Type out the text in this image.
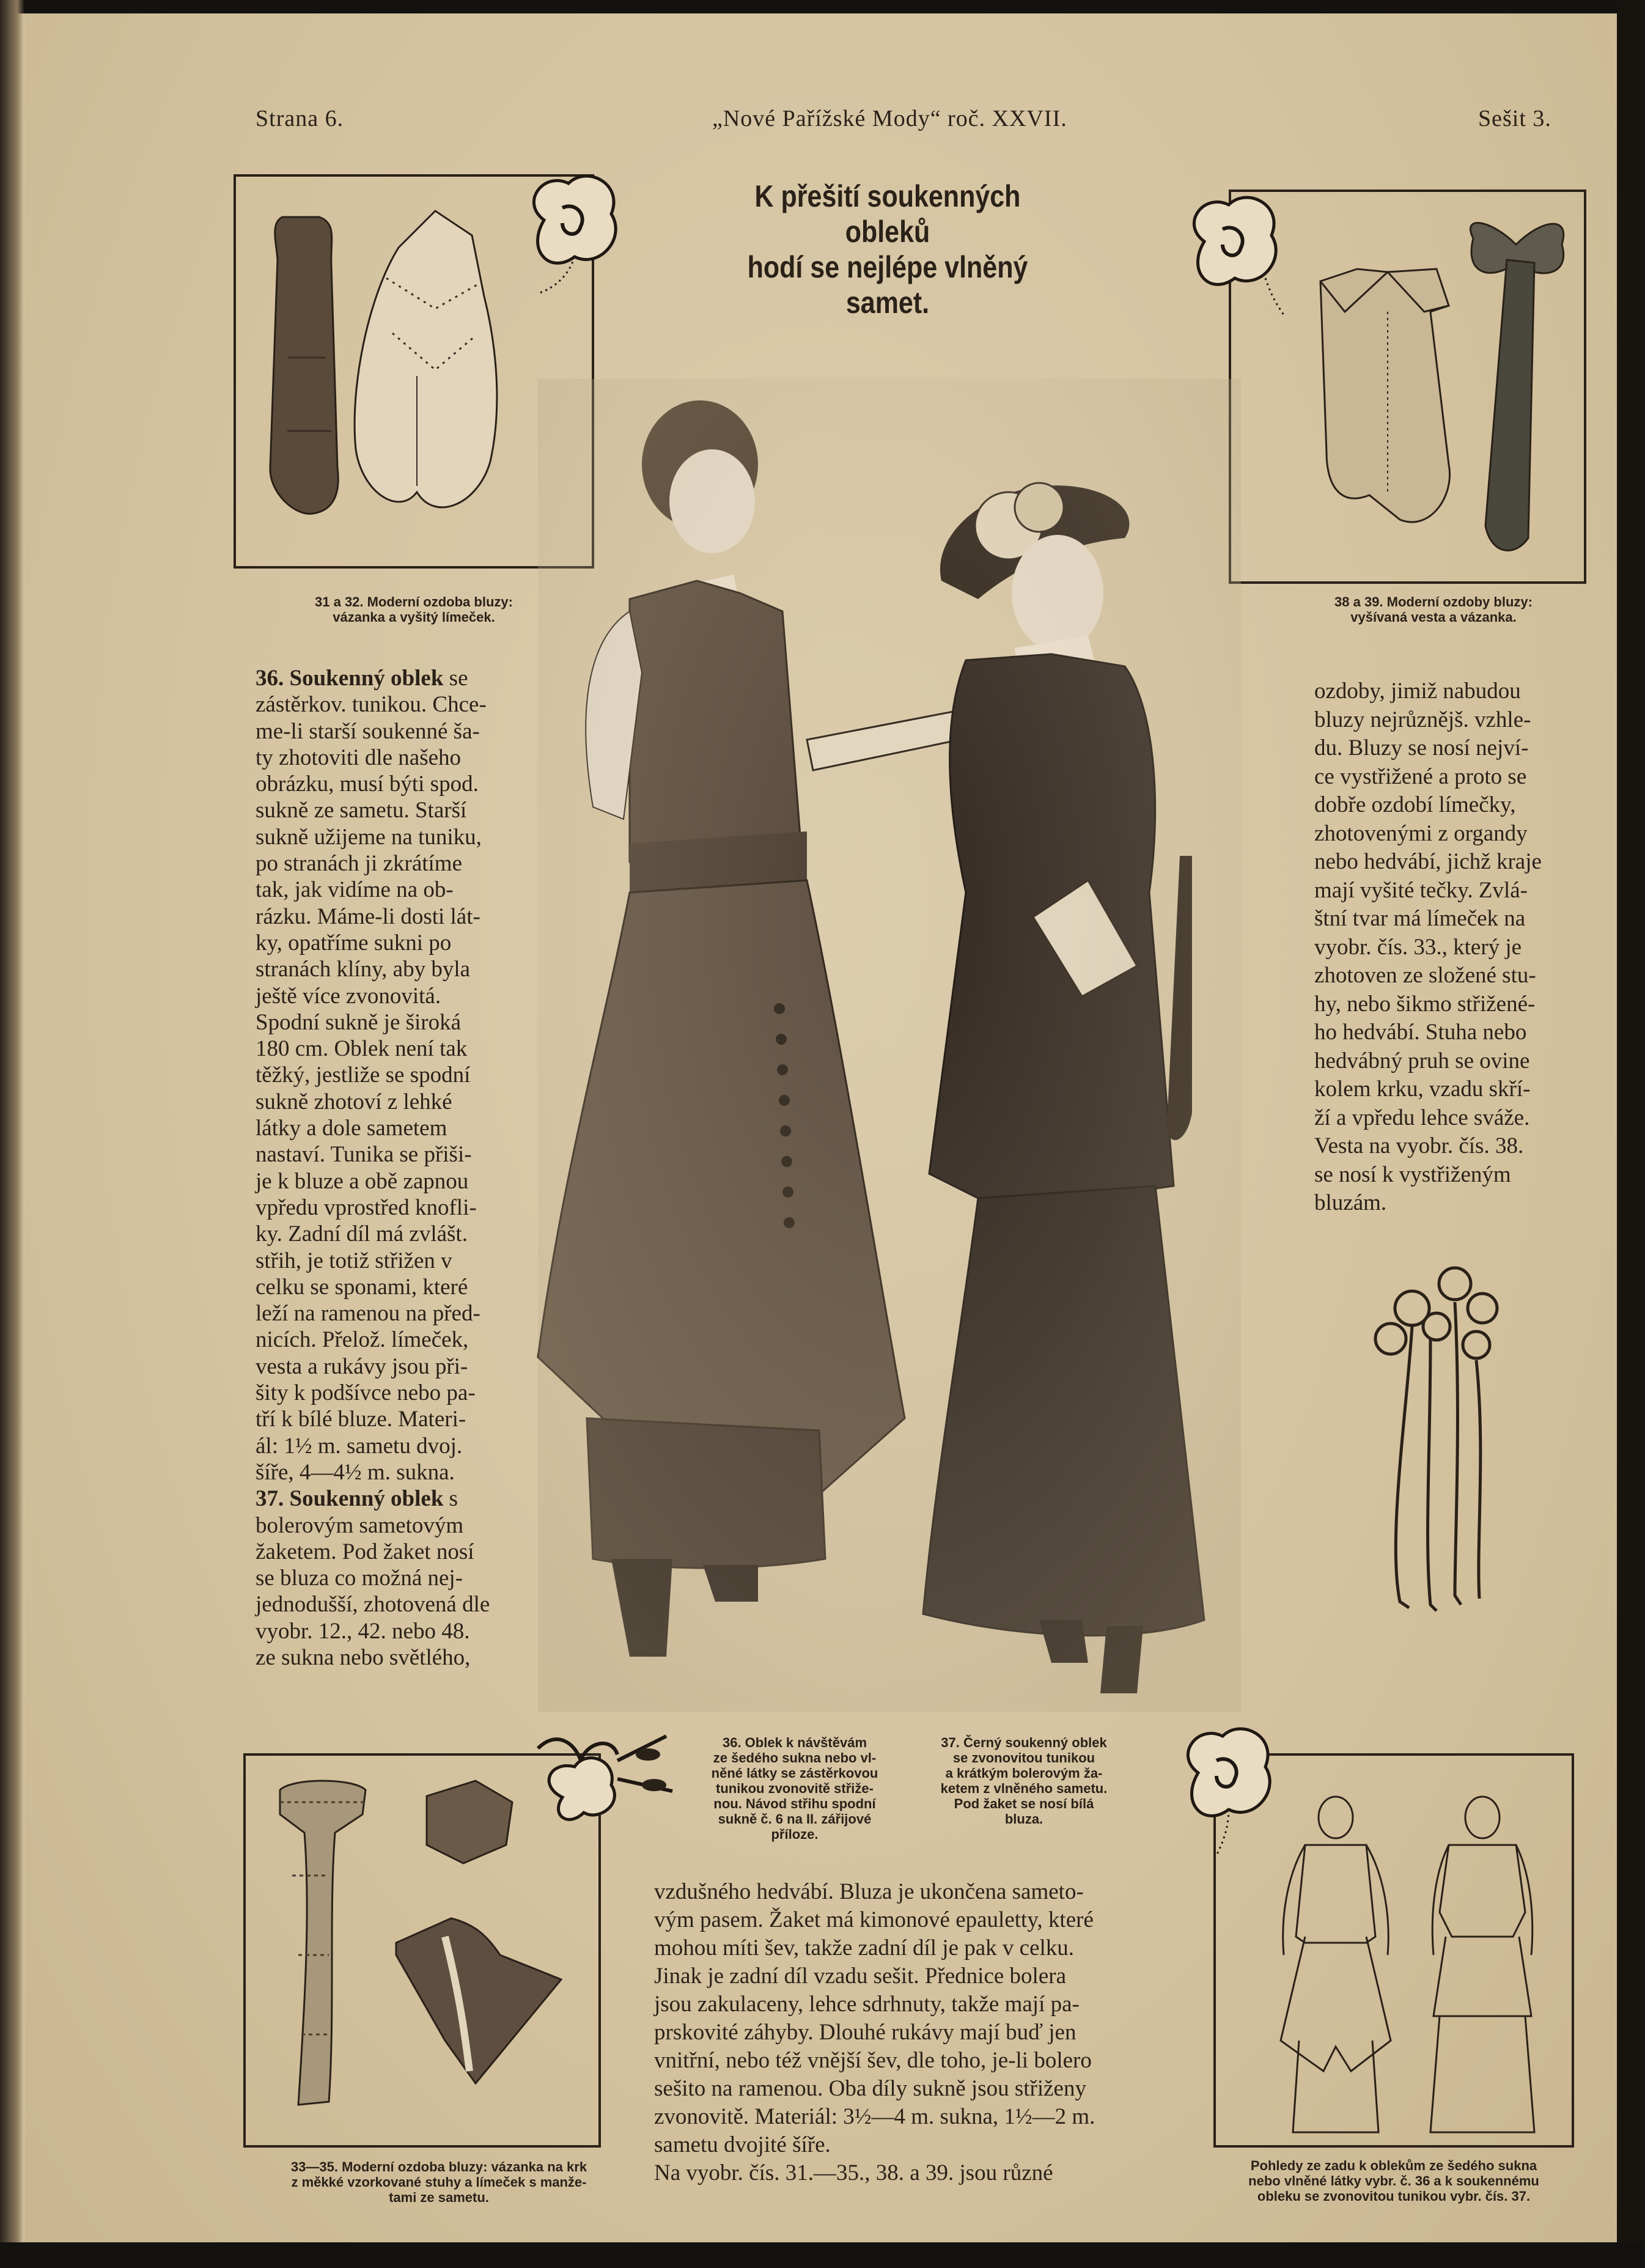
Strana 6.	„Nové Pařížské Mody“ roč. XXVII.	Sešit 3.

K přešití soukenných obleků
hodí se nejlépe vlněný
samet.
31 a 32. Moderní ozdoba bluzy:
vázanka a vyšitý límeček.
38 a 39. Moderní ozdoby bluzy:
vyšívaná vesta a vázanka.
36. Oblek k návštěvám
ze šedého sukna nebo vl-
něné látky se zástěrkovou
tunikou zvonovitě střiže-
nou. Návod střihu spodní
sukně č. 6 na II. zářijové
příloze.
37. Černý soukenný oblek
se zvonovitou tunikou
a krátkým bolerovým ža-
ketem z vlněného sametu.
Pod žaket se nosí bílá
bluza.
36. Soukenný oblek se
zástěrkov. tunikou. Chce-
me-li starší soukenné ša-
ty zhotoviti dle našeho
obrázku, musí býti spod.
sukně ze sametu. Starší
sukně užijeme na tuniku,
po stranách ji zkrátíme
tak, jak vidíme na ob-
rázku. Máme-li dosti lát-
ky, opatříme sukni po
stranách klíny, aby byla
ještě více zvonovitá.
Spodní sukně je široká
180 cm. Oblek není tak
těžký, jestliže se spodní
sukně zhotoví z lehké
látky a dole sametem
nastaví. Tunika se přiši-
je k bluze a obě zapnou
vpředu vprostřed knofli-
ky. Zadní díl má zvlášt.
střih, je totiž střižen v
celku se sponami, které
leží na ramenou na před-
nicích. Přelož. límeček,
vesta a rukávy jsou při-
šity k podšívce nebo pa-
tří k bílé bluze. Materi-
ál: 1½ m. sametu dvoj.
šíře, 4—4½ m. sukna.
37. Soukenný oblek s
bolerovým sametovým
žaketem. Pod žaket nosí
se bluza co možná nej-
jednodušší, zhotovená dle
vyobr. 12., 42. nebo 48.
ze sukna nebo světlého,
ozdoby, jimiž nabudou
bluzy nejrůznějš. vzhle-
du. Bluzy se nosí nejví-
ce vystřižené a proto se
dobře ozdobí límečky,
zhotovenými z organdy
nebo hedvábí, jichž kraje
mají vyšité tečky. Zvlá-
štní tvar má límeček na
vyobr. čís. 33., který je
zhotoven ze složené stu-
hy, nebo šikmo střižené-
ho hedvábí. Stuha nebo
hedvábný pruh se ovine
kolem krku, vzadu skří-
ží a vpředu lehce sváže.
Vesta na vyobr. čís. 38.
se nosí k vystřiženým
bluzám.
33—35. Moderní ozdoba bluzy: vázanka na krk
z měkké vzorkované stuhy a límeček s manže-
tami ze sametu.
vzdušného hedvábí. Bluza je ukončena sameto-
vým pasem. Žaket má kimonové epauletty, které
mohou míti šev, takže zadní díl je pak v celku.
Jinak je zadní díl vzadu sešit. Přednice bolera
jsou zakulaceny, lehce sdrhnuty, takže mají pa-
prskovité záhyby. Dlouhé rukávy mají buď jen
vnitřní, nebo též vnější šev, dle toho, je-li bolero
sešito na ramenou. Oba díly sukně jsou střiženy
zvonovitě. Materiál: 3½—4 m. sukna, 1½—2 m.
sametu dvojité šíře.
Na vyobr. čís. 31.—35., 38. a 39. jsou různé	Pohledy ze zadu k oblekům ze šedého sukna
nebo vlněné látky vybr. č. 36 a k soukennému
obleku se zvonovitou tunikou vybr. čís. 37.
